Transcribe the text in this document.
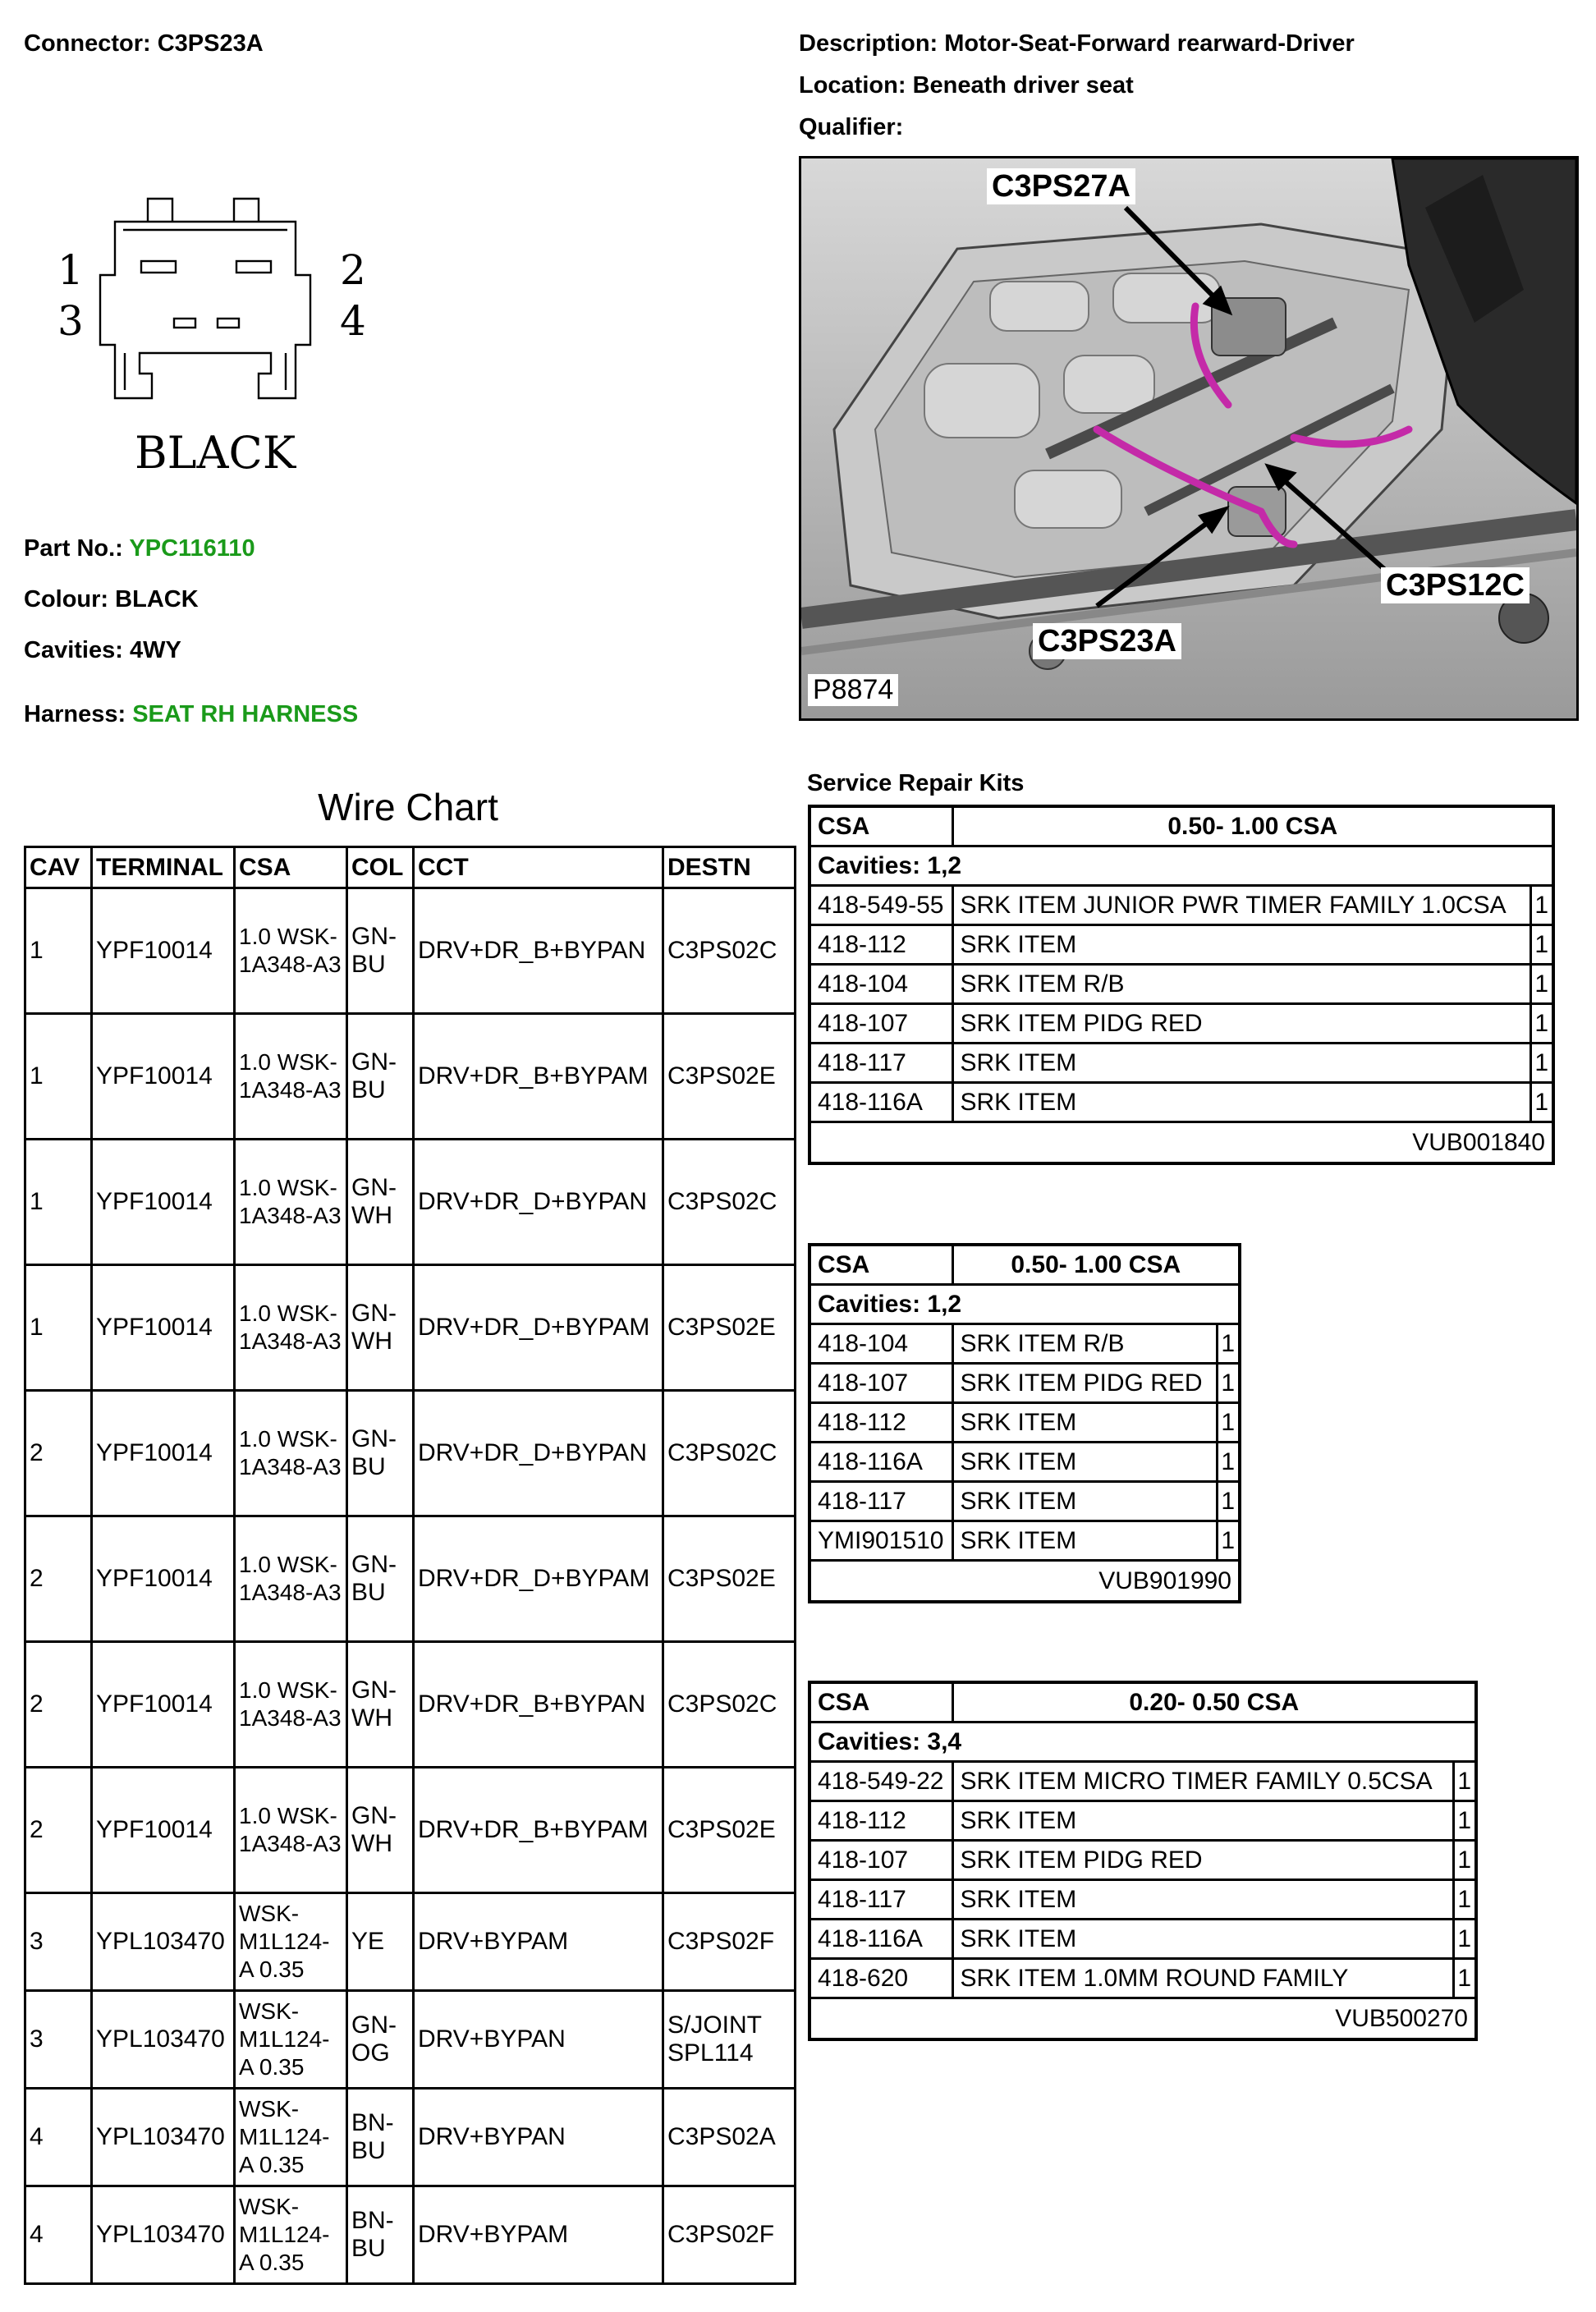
Connector: C3PS23A	Description: Motor-Seat-Forward rearward-Driver
Location: Beneath driver seat
Qualifier:
1	2
3	4
BLACK
Part No.: YPC116110
Colour: BLACK
Cavities: 4WY
Harness: SEAT RH HARNESS
C3PS27A
C3PS12C
C3PS23A
P8874
Wire Chart
CAV	TERMINAL	CSA	COL	CCT	DESTN
1	YPF10014	1.0 WSK-1A348-A3	GN-BU	DRV+DR_B+BYPAN	C3PS02C
1	YPF10014	1.0 WSK-1A348-A3	GN-BU	DRV+DR_B+BYPAM	C3PS02E
1	YPF10014	1.0 WSK-1A348-A3	GN-WH	DRV+DR_D+BYPAN	C3PS02C
1	YPF10014	1.0 WSK-1A348-A3	GN-WH	DRV+DR_D+BYPAM	C3PS02E
2	YPF10014	1.0 WSK-1A348-A3	GN-BU	DRV+DR_D+BYPAN	C3PS02C
2	YPF10014	1.0 WSK-1A348-A3	GN-BU	DRV+DR_D+BYPAM	C3PS02E
2	YPF10014	1.0 WSK-1A348-A3	GN-WH	DRV+DR_B+BYPAN	C3PS02C
2	YPF10014	1.0 WSK-1A348-A3	GN-WH	DRV+DR_B+BYPAM	C3PS02E
3	YPL103470	WSK-M1L124-A 0.35	YE	DRV+BYPAM	C3PS02F
3	YPL103470	WSK-M1L124-A 0.35	GN-OG	DRV+BYPAN	S/JOINT SPL114
4	YPL103470	WSK-M1L124-A 0.35	BN-BU	DRV+BYPAN	C3PS02A
4	YPL103470	WSK-M1L124-A 0.35	BN-BU	DRV+BYPAM	C3PS02F
Service Repair Kits
CSA	0.50- 1.00 CSA	
Cavities: 1,2		
418-549-55	SRK ITEM JUNIOR PWR TIMER FAMILY 1.0CSA	1
418-112	SRK ITEM	1
418-104	SRK ITEM R/B	1
418-107	SRK ITEM PIDG RED	1
418-117	SRK ITEM	1
418-116A	SRK ITEM	1
VUB001840		
CSA	0.50- 1.00 CSA	
Cavities: 1,2		
418-104	SRK ITEM R/B	1
418-107	SRK ITEM PIDG RED	1
418-112	SRK ITEM	1
418-116A	SRK ITEM	1
418-117	SRK ITEM	1
YMI901510	SRK ITEM	1
VUB901990		
CSA	0.20- 0.50 CSA	
Cavities: 3,4		
418-549-22	SRK ITEM MICRO TIMER FAMILY 0.5CSA	1
418-112	SRK ITEM	1
418-107	SRK ITEM PIDG RED	1
418-117	SRK ITEM	1
418-116A	SRK ITEM	1
418-620	SRK ITEM 1.0MM ROUND FAMILY	1
VUB500270		
